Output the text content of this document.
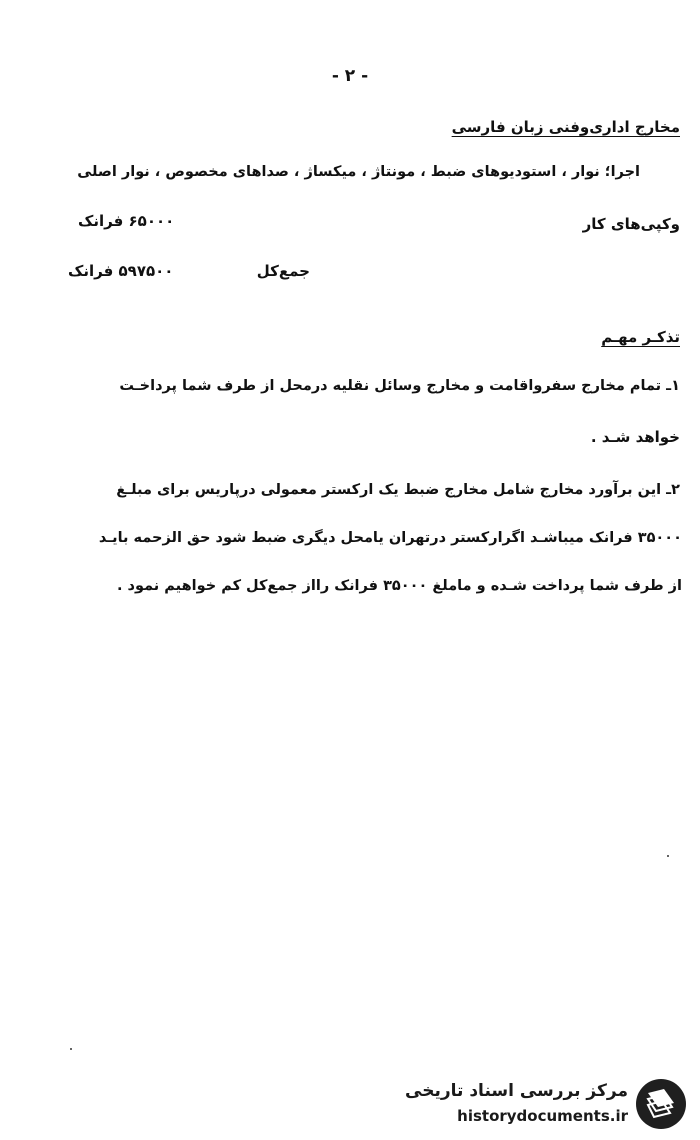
- ۲ -
مخارج اداری‌وفنی زبان فارسی
اجرا؛ نوار ، استودیوهای ضبط ، مونتاژ ، میکساژ ، صداهای مخصوص ، نوار اصلی
وکپی‌های کار
۶۵۰۰۰ فرانک
جمع‌کل
۵۹۷۵۰۰ فرانک
تذکـر مهـم
۱ـ تمام مخارج سفرواقامت و مخارج وسائل نقلیه درمحل از طرف شما پرداخـت
خواهد شـد .
۲ـ این برآورد مخارج شامل مخارج ضبط یک ارکستر معمولی درپاریس برای مبلـغ
۳۵۰۰۰ فرانک میباشـد اگرارکستر درتهران یامحل دیگری ضبط شود حق الزحمه بایـد
از طرف شما پرداخت شـده و ماملغ ۳۵۰۰۰ فرانک رااز جمع‌کل کم خواهیم نمود .
مرکز بررسی اسناد تاریخی
historydocuments.ir
